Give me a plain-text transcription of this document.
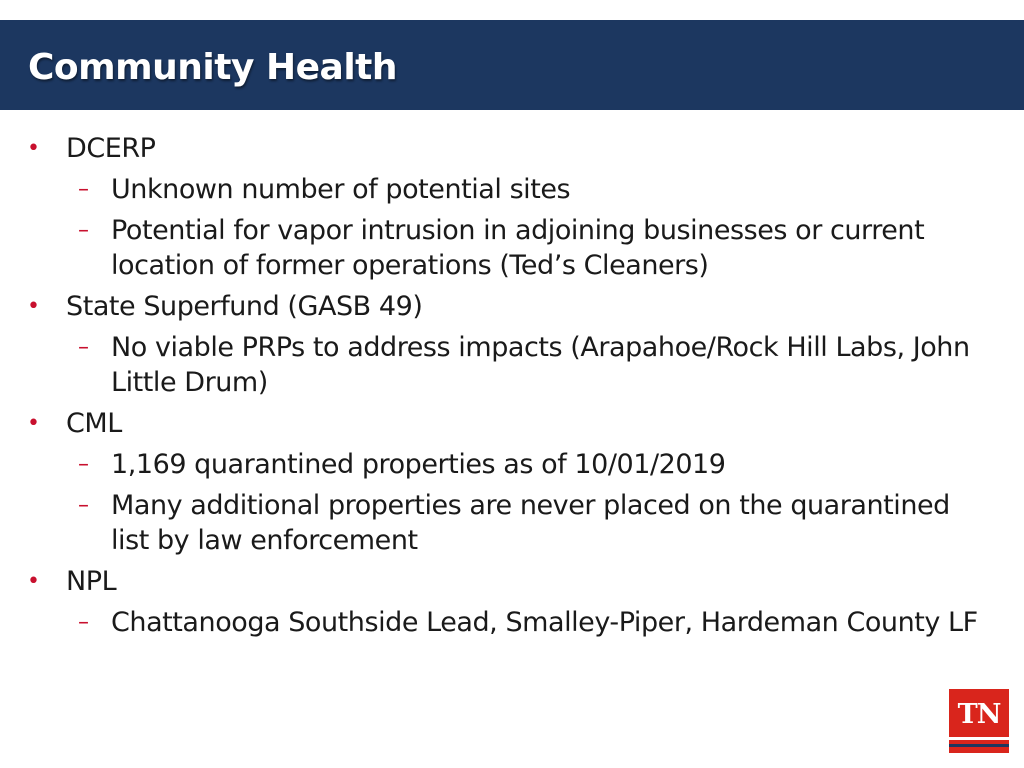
Community Health
• DCERP
– Unknown number of potential sites
– Potential for vapor intrusion in adjoining businesses or current
location of former operations (Ted’s Cleaners)
• State Superfund (GASB 49)
– No viable PRPs to address impacts (Arapahoe/Rock Hill Labs, John
Little Drum)
• CML
– 1,169 quarantined properties as of 10/01/2019
– Many additional properties are never placed on the quarantined
list by law enforcement
• NPL
– Chattanooga Southside Lead, Smalley-Piper, Hardeman County LF
TN
